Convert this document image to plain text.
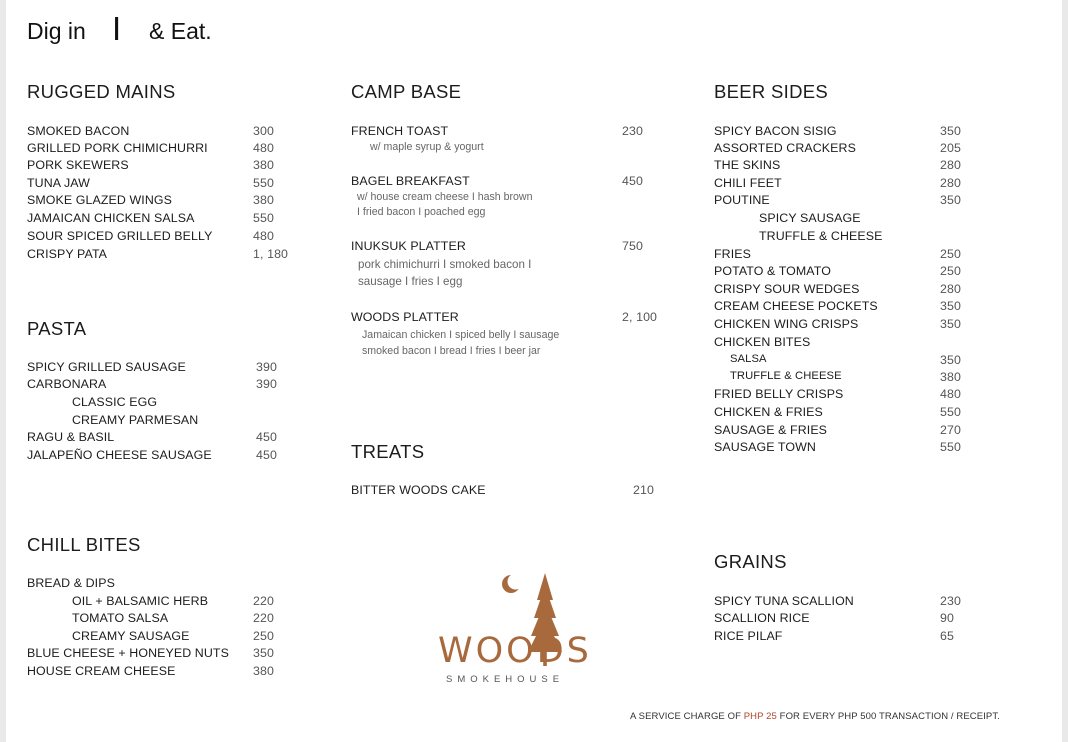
Dig in I & Eat.
RUGGED MAINS
SMOKED BACON	300
GRILLED PORK CHIMICHURRI	480
PORK SKEWERS	380
TUNA JAW	550
SMOKE GLAZED WINGS	380
JAMAICAN CHICKEN SALSA	550
SOUR SPICED GRILLED BELLY	480
CRISPY PATA	1, 180
PASTA
SPICY GRILLED SAUSAGE	390
CARBONARA	390
CLASSIC EGG
CREAMY PARMESAN
RAGU & BASIL	450
JALAPEÑO CHEESE SAUSAGE	450
CHILL BITES
BREAD & DIPS
OIL + BALSAMIC HERB	220
TOMATO SALSA	220
CREAMY SAUSAGE	250
BLUE CHEESE + HONEYED NUTS 350
HOUSE CREAM CHEESE	380
CAMP BASE
FRENCH TOAST	230
w/ maple syrup & yogurt
BAGEL BREAKFAST	450
w/ house cream cheese I hash brown
I fried bacon I poached egg
INUKSUK PLATTER	750
pork chimichurri I smoked bacon I
sausage I fries I egg
WOODS PLATTER	2, 100
Jamaican chicken I spiced belly I sausage
smoked bacon I bread I fries I beer jar
TREATS
BITTER WOODS CAKE	210
WOODS
SMOKEHOUSE
BEER SIDES
SPICY BACON SISIG	350
ASSORTED CRACKERS	205
THE SKINS	280
CHILI FEET	280
POUTINE	350
SPICY SAUSAGE
TRUFFLE & CHEESE
FRIES	250
POTATO & TOMATO	250
CRISPY SOUR WEDGES	280
CREAM CHEESE POCKETS	350
CHICKEN WING CRISPS	350
CHICKEN BITES
SALSA	350
TRUFFLE & CHEESE	380
FRIED BELLY CRISPS	480
CHICKEN & FRIES	550
SAUSAGE & FRIES	270
SAUSAGE TOWN	550
GRAINS
SPICY TUNA SCALLION	230
SCALLION RICE	90
RICE PILAF	65
A SERVICE CHARGE OF PHP 25 FOR EVERY PHP 500 TRANSACTION / RECEIPT.
